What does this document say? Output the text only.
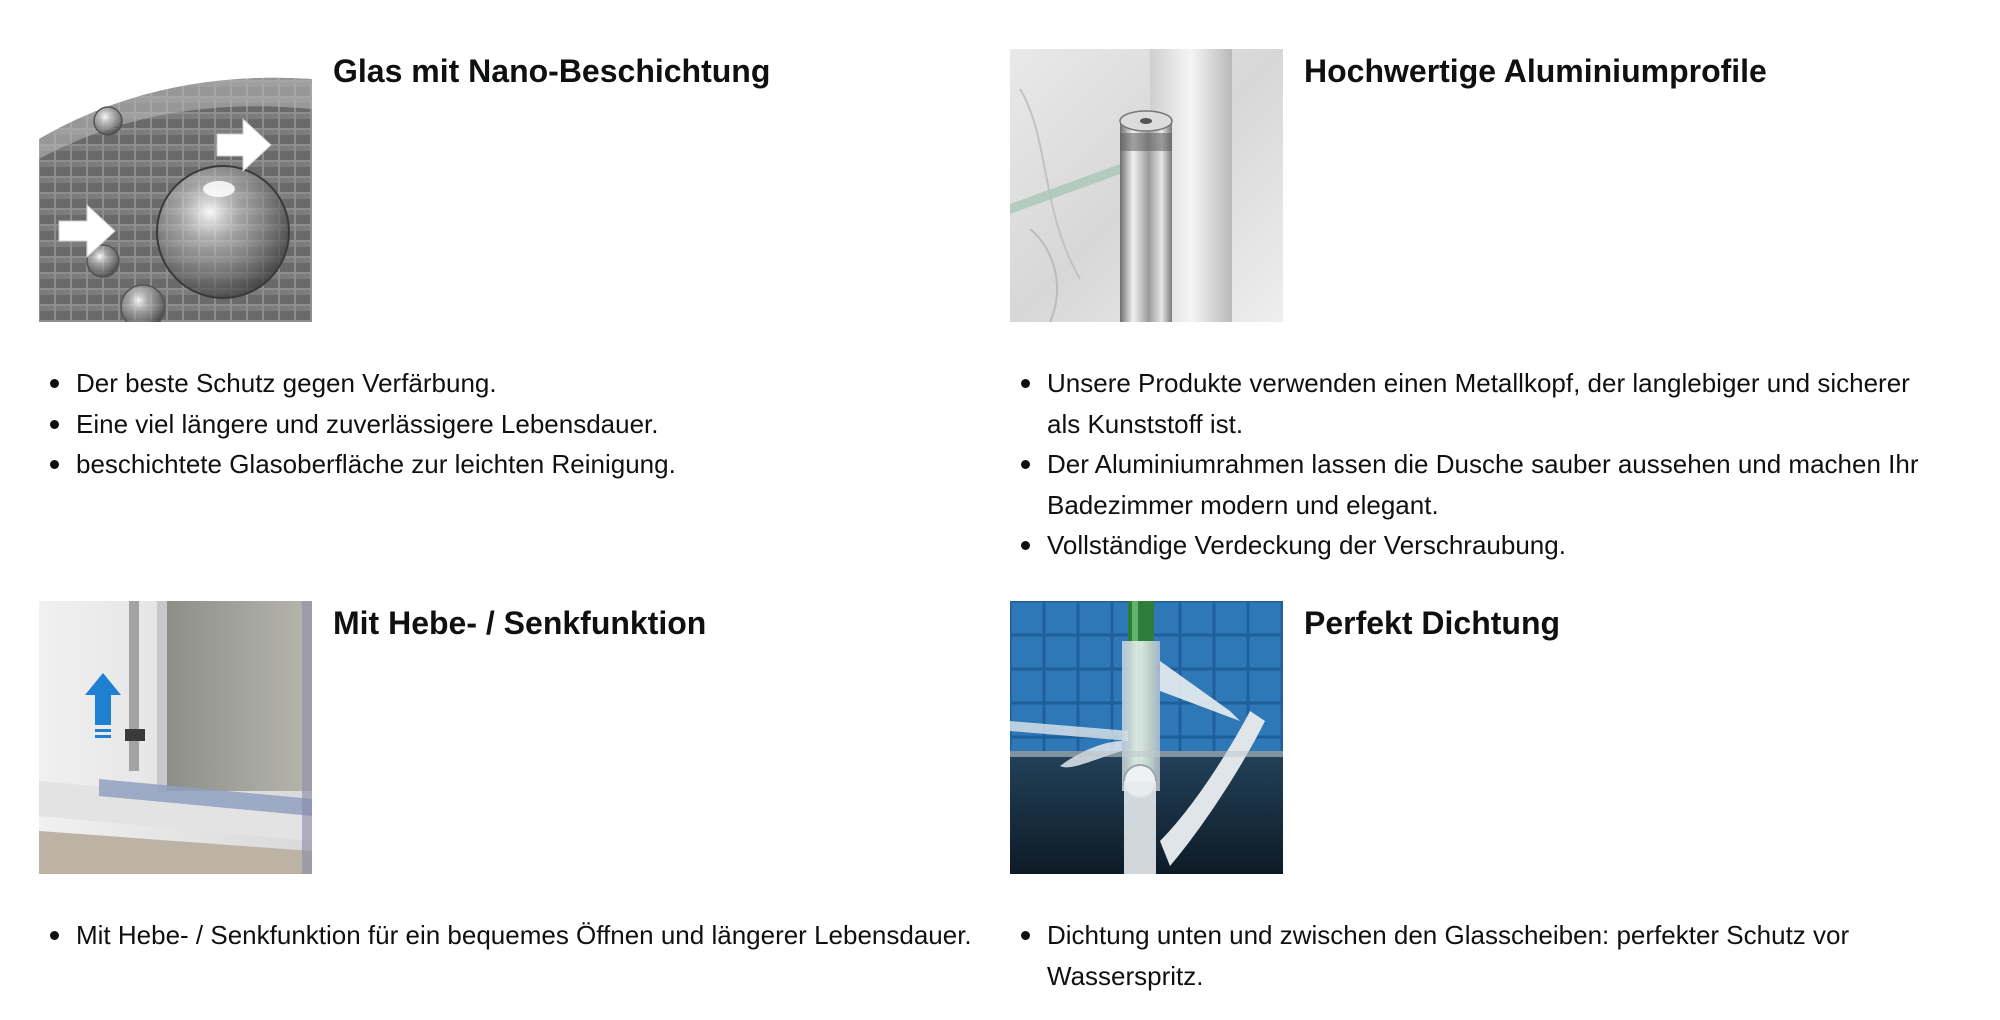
Glas mit Nano-Beschichtung
Der beste Schutz gegen Verfärbung.
Eine viel längere und zuverlässigere Lebensdauer.
beschichtete Glasoberfläche zur leichten Reinigung.
Hochwertige Aluminiumprofile
Unsere Produkte verwenden einen Metallkopf, der langlebiger und sicherer als Kunststoff ist.
Der Aluminiumrahmen lassen die Dusche sauber aussehen und machen Ihr Badezimmer modern und elegant.
Vollständige Verdeckung der Verschraubung.
Mit Hebe- / Senkfunktion
Mit Hebe- / Senkfunktion für ein bequemes Öffnen und längerer Lebensdauer.
Perfekt Dichtung
Dichtung unten und zwischen den Glasscheiben: perfekter Schutz vor Wasserspritz.
